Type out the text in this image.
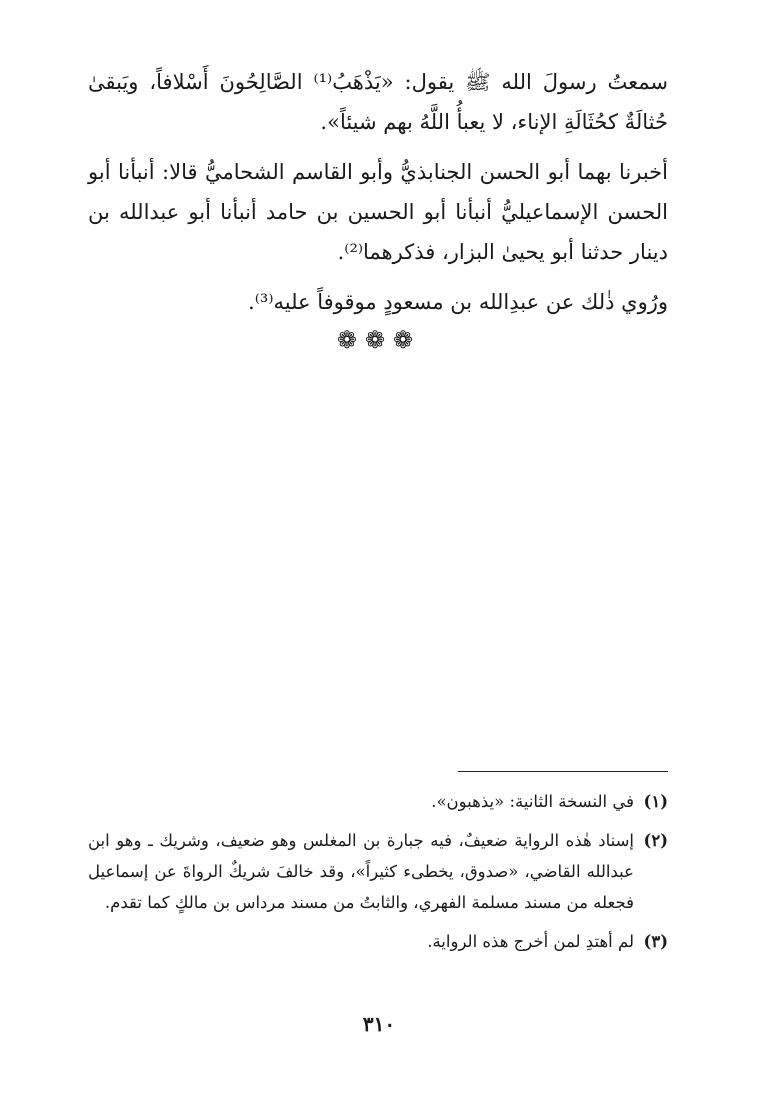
سمعتُ رسولَ الله ﷺ يقول: «يَذْهَبُ⁽¹⁾ الصَّالِحُونَ أَسْلافاً، ويَبقىٰ حُثالَةٌ كحُثَالَةِ الإناء، لا يعبأُ اللَّهُ بهم شيئاً».

أخبرنا بهما أبو الحسن الجنابذيُّ وأبو القاسم الشحاميُّ قالا: أنبأنا أبو الحسن الإسماعيليُّ أنبأنا أبو الحسين بن حامد أنبأنا أبو عبدالله بن دينار حدثنا أبو يحيىٰ البزار، فذكرهما⁽²⁾.

ورُوي ذٰلك عن عبدِالله بن مسعودٍ موقوفاً عليه⁽³⁾.

❁❁❁
(١)
في النسخة الثانية: «يذهبون».
(٢)
إسناد هٰذه الرواية ضعيفٌ، فيه جبارة بن المغلس وهو ضعيف، وشريك ـ وهو ابن عبدالله القاضي، «صدوق، يخطىء كثيراً»، وقد خالفَ شريكٌ الرواةَ عن إسماعيل فجعله من مسند مسلمة الفهري، والثابتُ من مسند مرداس بن مالكٍ كما تقدم.
(٣)
لم أهتدِ لمن أخرج هذه الرواية.
٣١٠
